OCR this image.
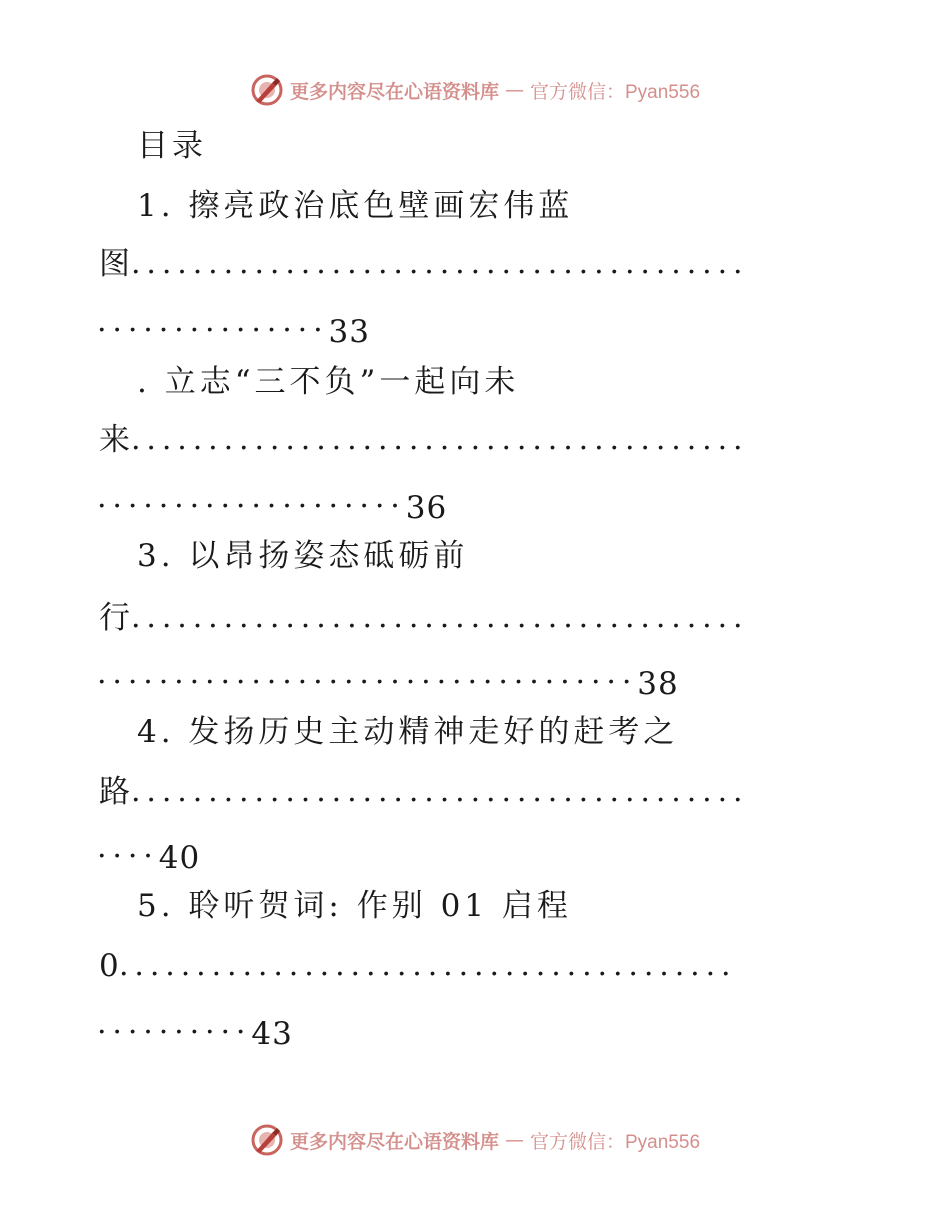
更多内容尽在心语资料库 — 官方微信：Pyan556
目录
1. 擦亮政治底色壁画宏伟蓝
图
........................................
...............33
. 立志“三不负”一起向未
来
........................................
....................36
3. 以昂扬姿态砥砺前
行
........................................
...................................38
4. 发扬历史主动精神走好的赶考之
路
........................................
....40
5. 聆听贺词: 作别 01 启程
0
........................................
..........43
更多内容尽在心语资料库 — 官方微信：Pyan556
